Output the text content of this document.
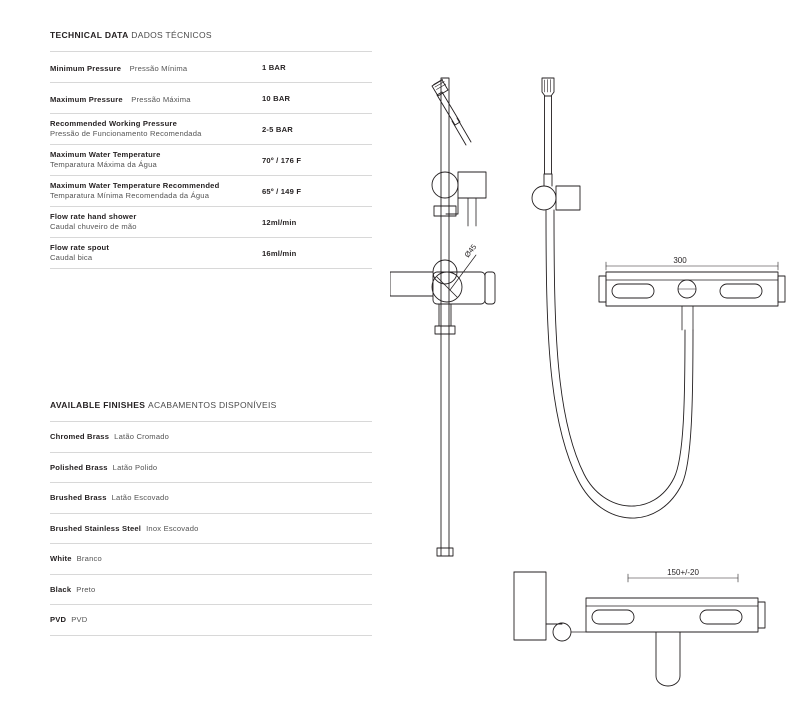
TECHNICAL DATA DADOS TÉCNICOS
Minimum Pressure Pressão Mínima	1 BAR
Maximum Pressure Pressão Máxima	10 BAR
Recommended Working Pressure
Pressão de Funcionamento Recomendada	2-5 BAR
Maximum Water Temperature
Temparatura Máxima da Água	70º / 176 F
Maximum Water Temperature Recommended
Temparatura Mínima Recomendada da Água	65º / 149 F
Flow rate hand shower
Caudal chuveiro de mão	12ml/min
Flow rate spout
Caudal bica	16ml/min
AVAILABLE FINISHES ACABAMENTOS DISPONÍVEIS
Chromed Brass Latão Cromado
Polished Brass Latão Polido
Brushed Brass Latão Escovado
Brushed Stainless Steel Inox Escovado
White Branco
Black Preto
PVD PVD
Ø45
300
150+/-20
